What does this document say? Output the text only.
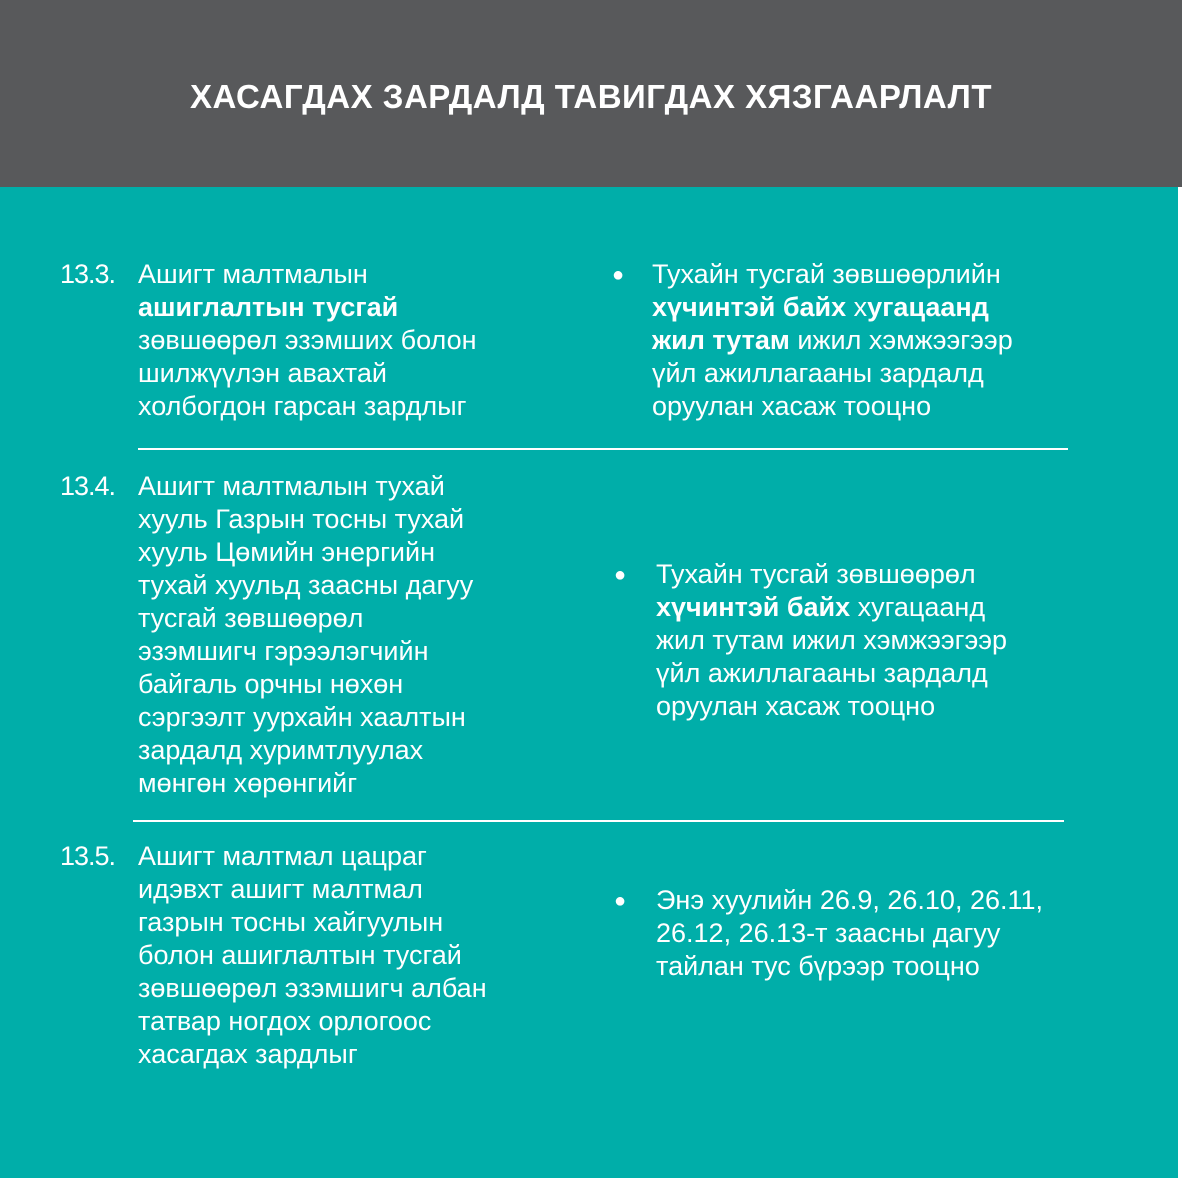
ХАСАГДАХ ЗАРДАЛД ТАВИГДАХ ХЯЗГААРЛАЛТ
13.3. Ашигт малтмалын
ашиглалтын тусгай
зөвшөөрөл эзэмших болон
шилжүүлэн авахтай
холбогдон гарсан зардлыг
● Тухайн тусгай зөвшөөрлийн
хүчинтэй байх хугацаанд
жил тутам ижил хэмжээгээр
үйл ажиллагааны зардалд
оруулан хасаж тооцно
13.4. Ашигт малтмалын тухай
хууль Газрын тосны тухай
хууль Цөмийн энергийн
тухай хуульд заасны дагуу
тусгай зөвшөөрөл
эзэмшигч гэрээлэгчийн
байгаль орчны нөхөн
сэргээлт уурхайн хаалтын
зардалд хуримтлуулах
мөнгөн хөрөнгийг
● Тухайн тусгай зөвшөөрөл
хүчинтэй байх хугацаанд
жил тутам ижил хэмжээгээр
үйл ажиллагааны зардалд
оруулан хасаж тооцно
13.5. Ашигт малтмал цацраг
идэвхт ашигт малтмал
газрын тосны хайгуулын
болон ашиглалтын тусгай
зөвшөөрөл эзэмшигч албан
татвар ногдох орлогоос
хасагдах зардлыг
● Энэ хуулийн 26.9, 26.10, 26.11,
26.12, 26.13-т заасны дагуу
тайлан тус бүрээр тооцно
